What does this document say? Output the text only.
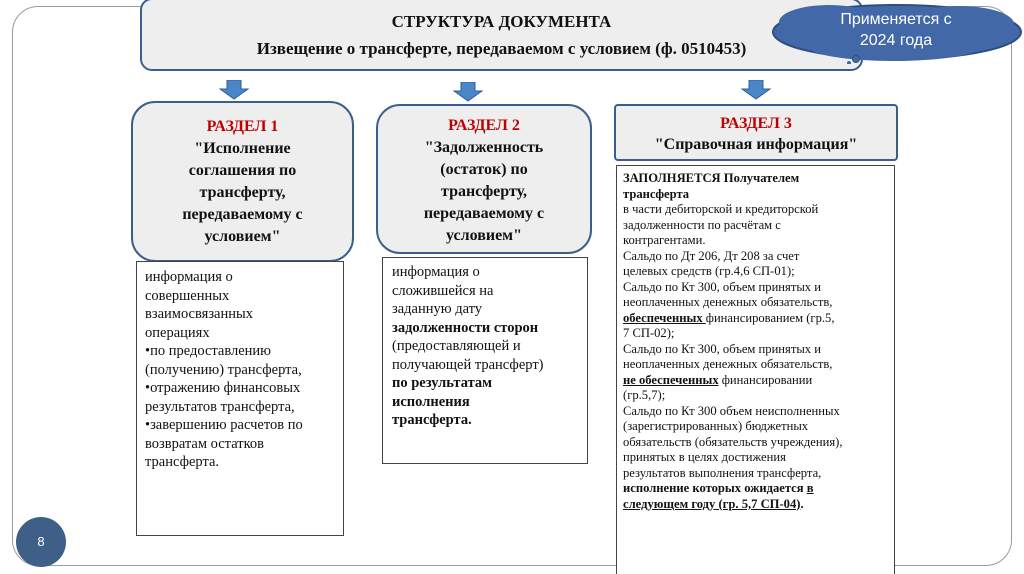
СТРУКТУРА ДОКУМЕНТА
Извещение о трансферте, передаваемом с условием (ф. 0510453)
Применяется с
2024 года
РАЗДЕЛ 1
"Исполнение
соглашения по
трансферту,
передаваемому с
условием"
РАЗДЕЛ 2
"Задолженность
(остаток) по
трансферту,
передаваемому с
условием"
РАЗДЕЛ 3
"Справочная информация"
информация о
совершенных
взаимосвязанных
операциях
•по предоставлению
(получению) трансферта,
•отражению финансовых
результатов трансферта,
•завершению расчетов по
возвратам остатков
трансферта.
информация о
сложившейся на
заданную дату
задолженности сторон
(предоставляющей и
получающей трансферт)
по результатам
исполнения
трансферта.
ЗАПОЛНЯЕТСЯ Получателем
трансферта
в части дебиторской и кредиторской
задолженности по расчётам с
контрагентами.
Сальдо по Дт 206, Дт 208 за счет
целевых средств (гр.4,6 СП-01);
Сальдо по Кт 300, объем принятых и
неоплаченных денежных обязательств,
обеспеченных финансированием (гр.5,
7 СП-02);
Сальдо по Кт 300, объем принятых и
неоплаченных денежных обязательств,
не обеспеченных финансировании
(гр.5,7);
Сальдо по Кт 300 объем неисполненных
(зарегистрированных) бюджетных
обязательств (обязательств учреждения),
принятых в целях достижения
результатов выполнения трансферта,
исполнение которых ожидается в
следующем году (гр. 5,7 СП-04).
8
